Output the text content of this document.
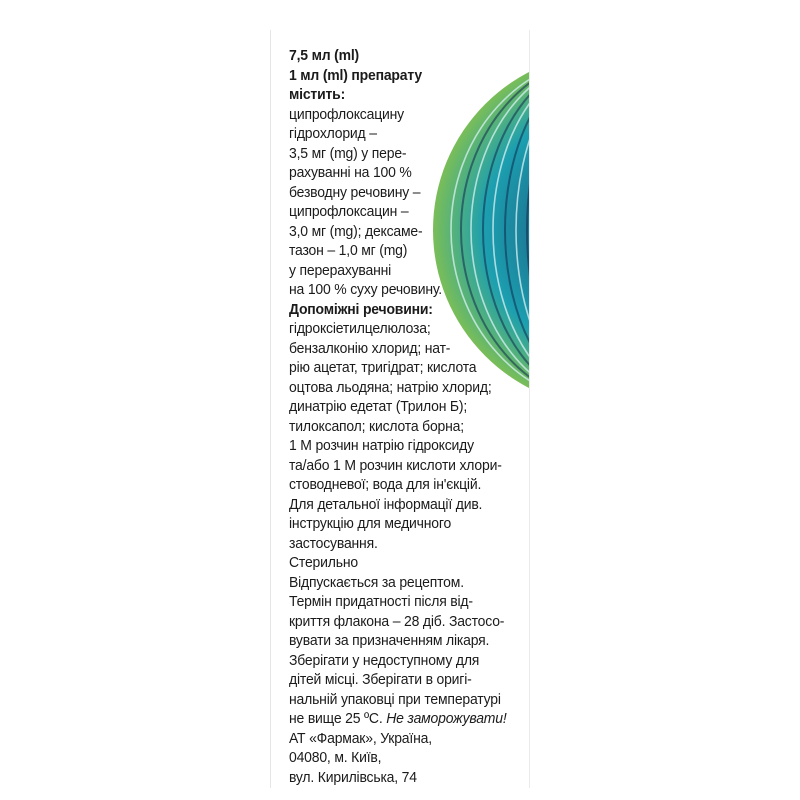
7,5 мл (ml)

1 мл (ml) препарату

містить:

ципрофлоксацину
гідрохлорид –
3,5 мг (mg) у пере-
рахуванні на 100 %
безводну речовину –
ципрофлоксацин –
3,0 мг (mg); дексаме-
тазон – 1,0 мг (mg)
у перерахуванні
на 100 % суху речовину.

Допоміжні речовини:

гідроксіетилцелюлоза;
бензалконію хлорид; нат-
рію ацетат, тригідрат; кислота
оцтова льодяна; натрію хлорид;
динатрію едетат (Трилон Б);
тилоксапол; кислота борна;
1 М розчин натрію гідроксиду
та/або 1 М розчин кислоти хлори-
стоводневої; вода для ін'єкцій.

Для детальної інформації див.
інструкцію для медичного
застосування.

Стерильно

Відпускається за рецептом.

Термін придатності після від-
криття флакона – 28 діб. Застосо-
вувати за призначенням лікаря.

Зберігати у недоступному для
дітей місці. Зберігати в оригі-
нальній упаковці при температурі

не вище 25 ºС. Не заморожувати!

АТ «Фармак», Україна,
04080, м. Київ,
вул. Кирилівська, 74
